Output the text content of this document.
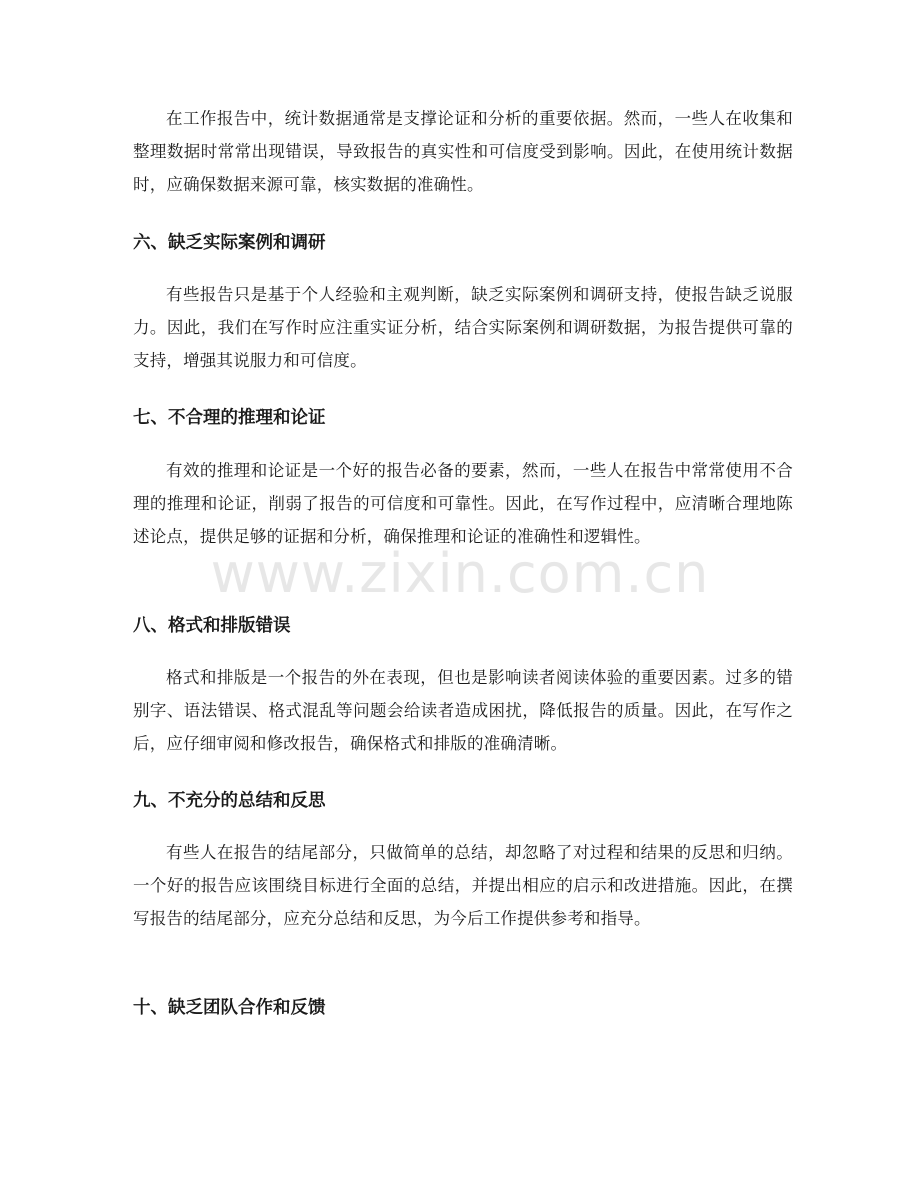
在工作报告中，统计数据通常是支撑论证和分析的重要依据。然而，一些人在收集和整理数据时常常出现错误，导致报告的真实性和可信度受到影响。因此，在使用统计数据时，应确保数据来源可靠，核实数据的准确性。

六、缺乏实际案例和调研

有些报告只是基于个人经验和主观判断，缺乏实际案例和调研支持，使报告缺乏说服力。因此，我们在写作时应注重实证分析，结合实际案例和调研数据，为报告提供可靠的支持，增强其说服力和可信度。

七、不合理的推理和论证

有效的推理和论证是一个好的报告必备的要素，然而，一些人在报告中常常使用不合理的推理和论证，削弱了报告的可信度和可靠性。因此，在写作过程中，应清晰合理地陈述论点，提供足够的证据和分析，确保推理和论证的准确性和逻辑性。

八、格式和排版错误

格式和排版是一个报告的外在表现，但也是影响读者阅读体验的重要因素。过多的错别字、语法错误、格式混乱等问题会给读者造成困扰，降低报告的质量。因此，在写作之后，应仔细审阅和修改报告，确保格式和排版的准确清晰。

九、不充分的总结和反思

有些人在报告的结尾部分，只做简单的总结，却忽略了对过程和结果的反思和归纳。一个好的报告应该围绕目标进行全面的总结，并提出相应的启示和改进措施。因此，在撰写报告的结尾部分，应充分总结和反思，为今后工作提供参考和指导。

十、缺乏团队合作和反馈
www.zixin.com.cn
